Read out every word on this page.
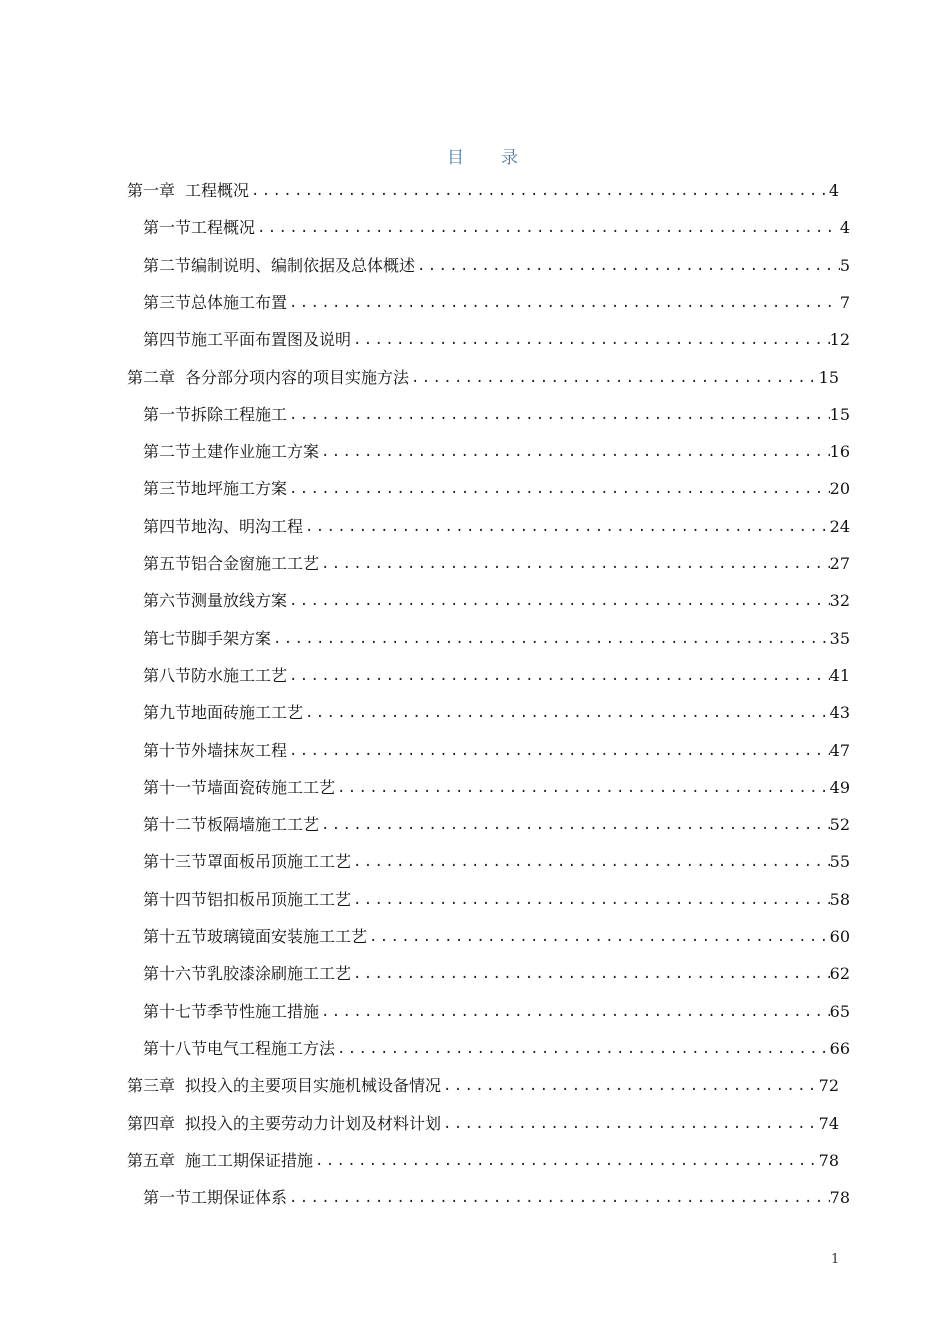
目　录
第一章 工程概况 .....	4
第一节 工程概况 .....	4
第二节 编制说明、编制依据及总体概述 .....	5
第三节 总体施工布置 .....	7
第四节 施工平面布置图及说明 .....	12
第二章 各分部分项内容的项目实施方法 .....	15
第一节 拆除工程施工 .....	15
第二节 土建作业施工方案 .....	16
第三节 地坪施工方案 .....	20
第四节 地沟、明沟工程 .....	24
第五节 铝合金窗施工工艺 .....	27
第六节 测量放线方案 .....	32
第七节 脚手架方案 .....	35
第八节 防水施工工艺 .....	41
第九节 地面砖施工工艺 .....	43
第十节 外墙抹灰工程 .....	47
第十一节 墙面瓷砖施工工艺 .....	49
第十二节 板隔墙施工工艺 .....	52
第十三节 罩面板吊顶施工工艺 .....	55
第十四节 铝扣板吊顶施工工艺 .....	58
第十五节 玻璃镜面安装施工工艺 .....	60
第十六节 乳胶漆涂刷施工工艺 .....	62
第十七节 季节性施工措施 .....	65
第十八节 电气工程施工方法 .....	66
第三章 拟投入的主要项目实施机械设备情况 .....	72
第四章 拟投入的主要劳动力计划及材料计划 .....	74
第五章 施工工期保证措施 .....	78
第一节 工期保证体系 .....	78
1
